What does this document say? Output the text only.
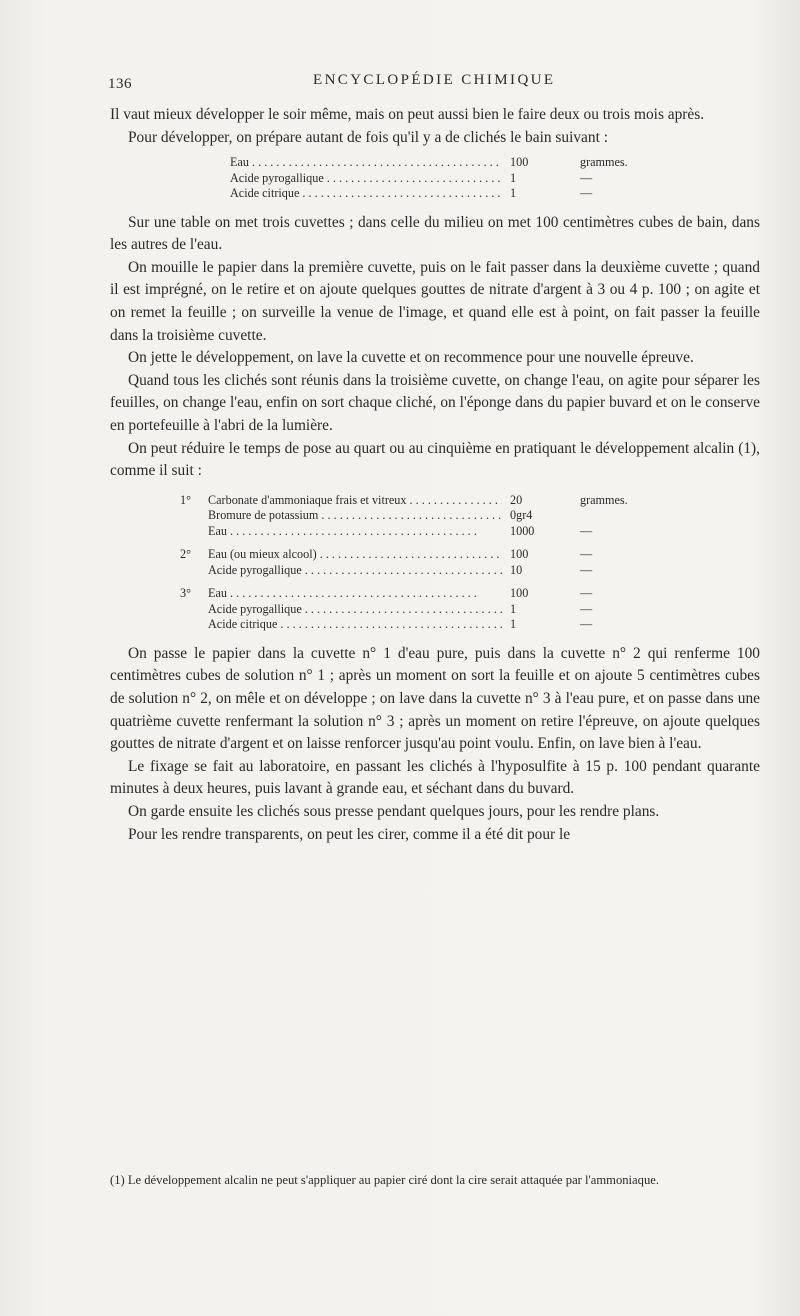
136	ENCYCLOPÉDIE CHIMIQUE

Il vaut mieux développer le soir même, mais on peut aussi bien le faire deux ou trois mois après.

Pour développer, on prépare autant de fois qu'il y a de clichés le bain suivant :

Eau . . .	100	grammes.
Acide pyrogallique . . .	1	—
Acide citrique . . .	1	—

Sur une table on met trois cuvettes ; dans celle du milieu on met 100 centimètres cubes de bain, dans les autres de l'eau.

On mouille le papier dans la première cuvette, puis on le fait passer dans la deuxième cuvette ; quand il est imprégné, on le retire et on ajoute quelques gouttes de nitrate d'argent à 3 ou 4 p. 100 ; on agite et on remet la feuille ; on surveille la venue de l'image, et quand elle est à point, on fait passer la feuille dans la troisième cuvette.

On jette le développement, on lave la cuvette et on recommence pour une nouvelle épreuve.

Quand tous les clichés sont réunis dans la troisième cuvette, on change l'eau, on agite pour séparer les feuilles, on change l'eau, enfin on sort chaque cliché, on l'éponge dans du papier buvard et on le conserve en portefeuille à l'abri de la lumière.

On peut réduire le temps de pose au quart ou au cinquième en pratiquant le développement alcalin (1), comme il suit :

1°	Carbonate d'ammoniaque frais et vitreux . . .	20	grammes.
Bromure de potassium . . .	0gr4
Eau . . .	1000	—
2°	Eau (ou mieux alcool) . . .	100	—
Acide pyrogallique . . .	10	—
3°	Eau . . .	100	—
Acide pyrogallique . . .	1	—
Acide citrique . . .	1	—

On passe le papier dans la cuvette n° 1 d'eau pure, puis dans la cuvette n° 2 qui renferme 100 centimètres cubes de solution n° 1 ; après un moment on sort la feuille et on ajoute 5 centimètres cubes de solution n° 2, on mêle et on développe ; on lave dans la cuvette n° 3 à l'eau pure, et on passe dans une quatrième cuvette renfermant la solution n° 3 ; après un moment on retire l'épreuve, on ajoute quelques gouttes de nitrate d'argent et on laisse renforcer jusqu'au point voulu. Enfin, on lave bien à l'eau.

Le fixage se fait au laboratoire, en passant les clichés à l'hyposulfite à 15 p. 100 pendant quarante minutes à deux heures, puis lavant à grande eau, et séchant dans du buvard.

On garde ensuite les clichés sous presse pendant quelques jours, pour les rendre plans.

Pour les rendre transparents, on peut les cirer, comme il a été dit pour le

(1) Le développement alcalin ne peut s'appliquer au papier ciré dont la cire serait attaquée par l'ammoniaque.
